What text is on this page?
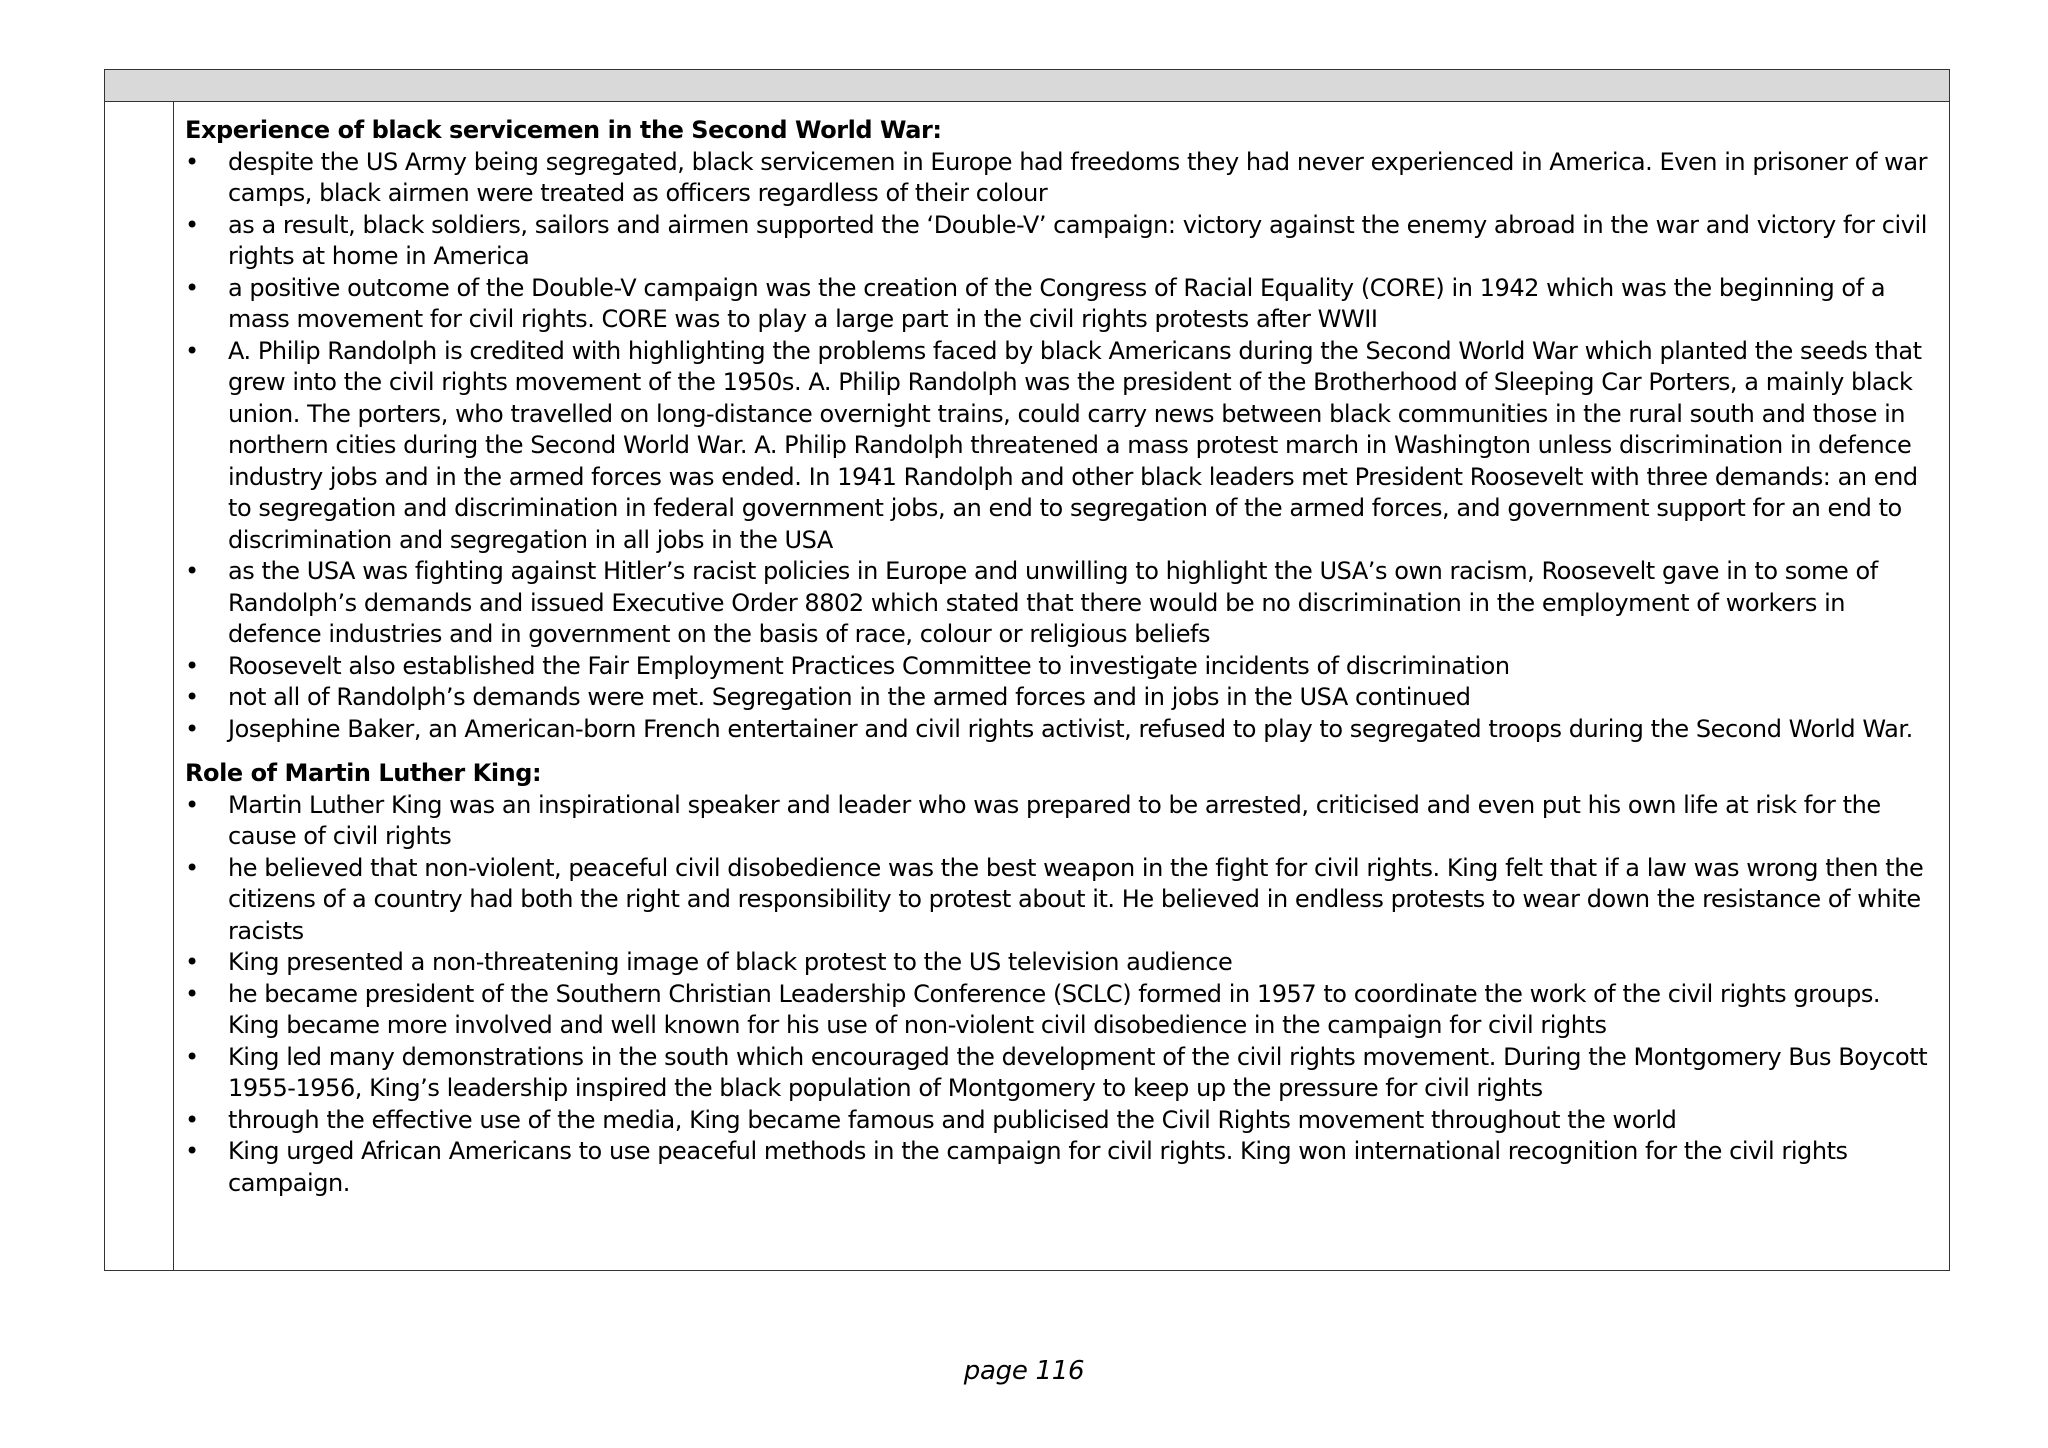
Experience of black servicemen in the Second World War:

• despite the US Army being segregated, black servicemen in Europe had freedoms they had never experienced in America. Even in prisoner of war camps, black airmen were treated as officers regardless of their colour
• as a result, black soldiers, sailors and airmen supported the ‘Double-V’ campaign: victory against the enemy abroad in the war and victory for civil rights at home in America
• a positive outcome of the Double-V campaign was the creation of the Congress of Racial Equality (CORE) in 1942 which was the beginning of a mass movement for civil rights. CORE was to play a large part in the civil rights protests after WWII
• A. Philip Randolph is credited with highlighting the problems faced by black Americans during the Second World War which planted the seeds that grew into the civil rights movement of the 1950s. A. Philip Randolph was the president of the Brotherhood of Sleeping Car Porters, a mainly black union. The porters, who travelled on long-distance overnight trains, could carry news between black communities in the rural south and those in northern cities during the Second World War. A. Philip Randolph threatened a mass protest march in Washington unless discrimination in defence industry jobs and in the armed forces was ended. In 1941 Randolph and other black leaders met President Roosevelt with three demands: an end to segregation and discrimination in federal government jobs, an end to segregation of the armed forces, and government support for an end to discrimination and segregation in all jobs in the USA
• as the USA was fighting against Hitler’s racist policies in Europe and unwilling to highlight the USA’s own racism, Roosevelt gave in to some of Randolph’s demands and issued Executive Order 8802 which stated that there would be no discrimination in the employment of workers in defence industries and in government on the basis of race, colour or religious beliefs
• Roosevelt also established the Fair Employment Practices Committee to investigate incidents of discrimination
• not all of Randolph’s demands were met. Segregation in the armed forces and in jobs in the USA continued
• Josephine Baker, an American-born French entertainer and civil rights activist, refused to play to segregated troops during the Second World War.

Role of Martin Luther King:

• Martin Luther King was an inspirational speaker and leader who was prepared to be arrested, criticised and even put his own life at risk for the cause of civil rights
• he believed that non-violent, peaceful civil disobedience was the best weapon in the fight for civil rights. King felt that if a law was wrong then the citizens of a country had both the right and responsibility to protest about it. He believed in endless protests to wear down the resistance of white racists
• King presented a non-threatening image of black protest to the US television audience
• he became president of the Southern Christian Leadership Conference (SCLC) formed in 1957 to coordinate the work of the civil rights groups. King became more involved and well known for his use of non-violent civil disobedience in the campaign for civil rights
• King led many demonstrations in the south which encouraged the development of the civil rights movement. During the Montgomery Bus Boycott 1955-1956, King’s leadership inspired the black population of Montgomery to keep up the pressure for civil rights
• through the effective use of the media, King became famous and publicised the Civil Rights movement throughout the world
• King urged African Americans to use peaceful methods in the campaign for civil rights. King won international recognition for the civil rights campaign.
page 116
